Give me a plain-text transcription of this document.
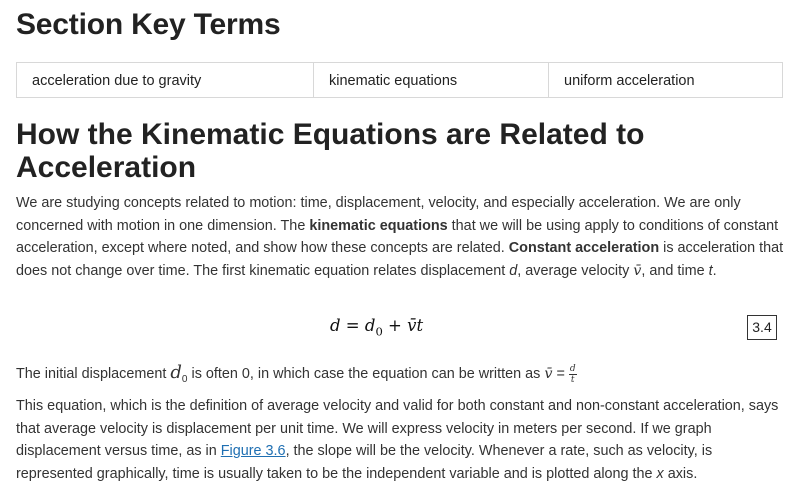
Section Key Terms
acceleration due to gravity	kinematic equations	uniform acceleration
How the Kinematic Equations are Related to Acceleration

We are studying concepts related to motion: time, displacement, velocity, and especially acceleration. We are only concerned with motion in one dimension. The kinematic equations that we will be using apply to conditions of constant acceleration, except where noted, and show how these concepts are related. Constant acceleration is acceleration that does not change over time. The first kinematic equation relates displacement d, average velocity v̄, and time t.

$d = d_0$ + v̄t	3.4
The initial displacement $d_0$ is often 0, in which case the equation can be written as v̄ = $\frac{d}{t}$

This equation, which is the definition of average velocity and valid for both constant and non-constant acceleration, says that average velocity is displacement per unit time. We will express velocity in meters per second. If we graph displacement versus time, as in Figure 3.6, the slope will be the velocity. Whenever a rate, such as velocity, is represented graphically, time is usually taken to be the independent variable and is plotted along the x axis.
